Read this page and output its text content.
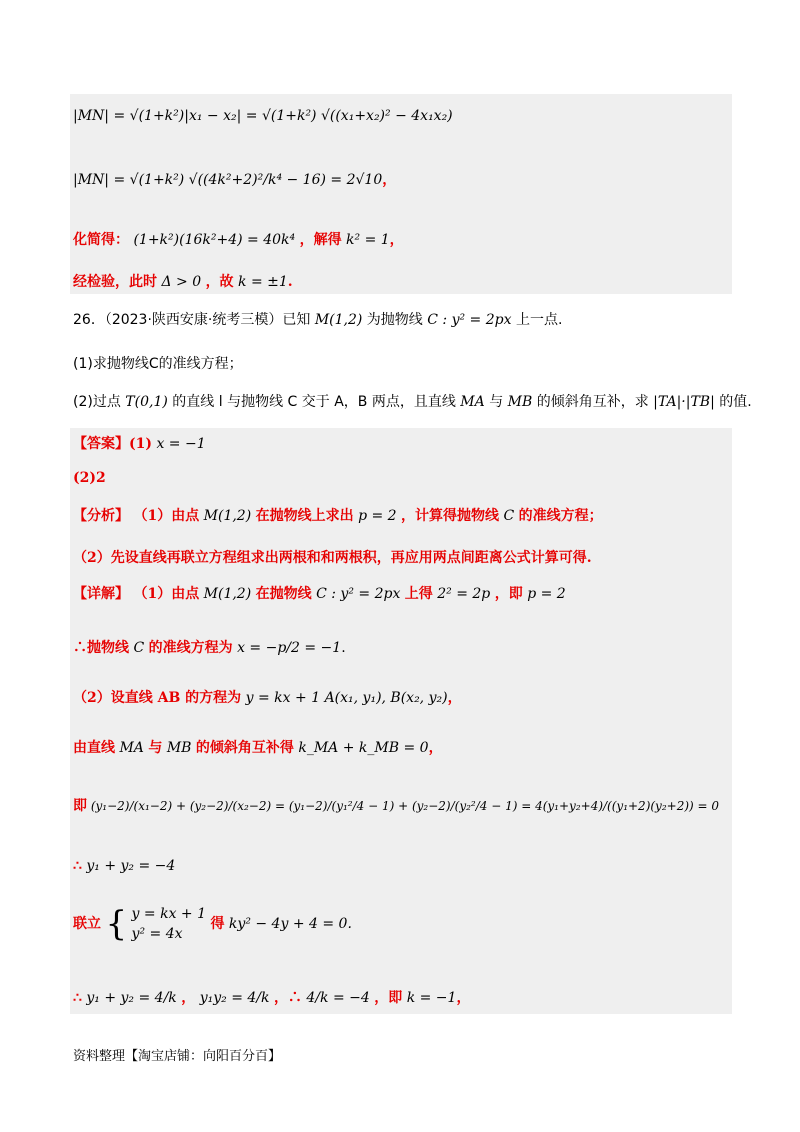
|MN| = √(1+k²)|x₁ − x₂| = √(1+k²) √((x₁+x₂)² − 4x₁x₂)
|MN| = √(1+k²) √((4k²+2)²/k⁴ − 16) = 2√10，
化简得： (1+k²)(16k²+4) = 40k⁴ ，解得 k² = 1，
经检验，此时 Δ > 0 ，故 k = ±1.
26．（2023·陕西安康·统考三模）已知 M(1,2) 为抛物线 C : y² = 2px 上一点.
(1)求抛物线C的准线方程；
(2)过点 T(0,1) 的直线 l 与抛物线 C 交于 A，B 两点，且直线 MA 与 MB 的倾斜角互补，求 |TA|·|TB| 的值.
【答案】(1) x = −1
(2)2
【分析】 （1）由点 M(1,2) 在抛物线上求出 p = 2 ，计算得抛物线 C 的准线方程；
（2）先设直线再联立方程组求出两根和和两根积，再应用两点间距离公式计算可得.
【详解】 （1）由点 M(1,2) 在抛物线 C : y² = 2px 上得 2² = 2p ，即 p = 2
∴抛物线 C 的准线方程为 x = −p/2 = −1.
（2）设直线 AB 的方程为 y = kx + 1 A(x₁, y₁), B(x₂, y₂)，
由直线 MA 与 MB 的倾斜角互补得 k_MA + k_MB = 0，
即 (y₁−2)/(x₁−2) + (y₂−2)/(x₂−2) = (y₁−2)/(y₁²/4 − 1) + (y₂−2)/(y₂²/4 − 1) = 4(y₁+y₂+4)/((y₁+2)(y₂+2)) = 0
∴ y₁ + y₂ = −4
联立 { y = kx + 1
y² = 4x
得 ky² − 4y + 4 = 0.
∴ y₁ + y₂ = 4/k ， y₁y₂ = 4/k ，∴ 4/k = −4 ，即 k = −1，
资料整理【淘宝店铺：向阳百分百】
